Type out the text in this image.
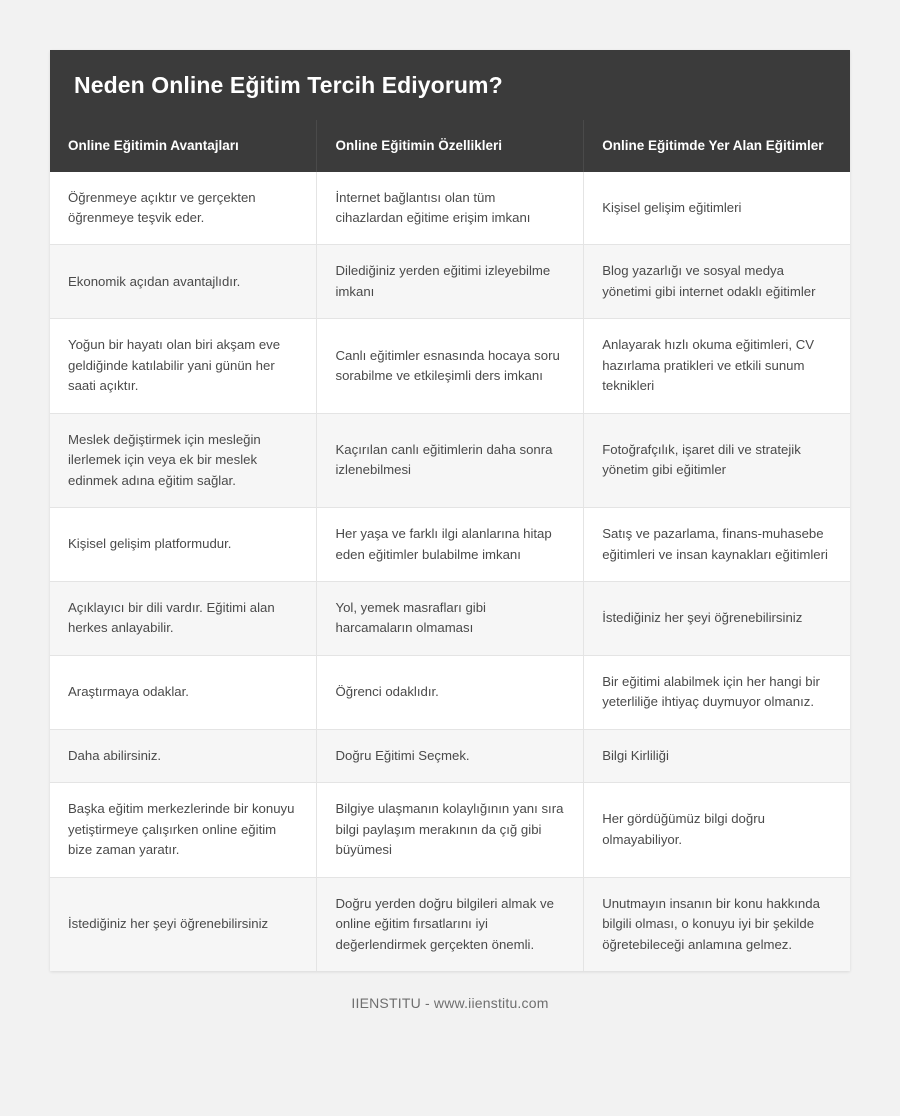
Neden Online Eğitim Tercih Ediyorum?
Online Eğitimin Avantajları	Online Eğitimin Özellikleri	Online Eğitimde Yer Alan Eğitimler
Öğrenmeye açıktır ve gerçekten öğrenmeye teşvik eder.	İnternet bağlantısı olan tüm cihazlardan eğitime erişim imkanı	Kişisel gelişim eğitimleri
Ekonomik açıdan avantajlıdır.	Dilediğiniz yerden eğitimi izleyebilme imkanı	Blog yazarlığı ve sosyal medya yönetimi gibi internet odaklı eğitimler
Yoğun bir hayatı olan biri akşam eve geldiğinde katılabilir yani günün her saati açıktır.	Canlı eğitimler esnasında hocaya soru sorabilme ve etkileşimli ders imkanı	Anlayarak hızlı okuma eğitimleri, CV hazırlama pratikleri ve etkili sunum teknikleri
Meslek değiştirmek için mesleğin ilerlemek için veya ek bir meslek edinmek adına eğitim sağlar.	Kaçırılan canlı eğitimlerin daha sonra izlenebilmesi	Fotoğrafçılık, işaret dili ve stratejik yönetim gibi eğitimler
Kişisel gelişim platformudur.	Her yaşa ve farklı ilgi alanlarına hitap eden eğitimler bulabilme imkanı	Satış ve pazarlama, finans-muhasebe eğitimleri ve insan kaynakları eğitimleri
Açıklayıcı bir dili vardır. Eğitimi alan herkes anlayabilir.	Yol, yemek masrafları gibi harcamaların olmaması	İstediğiniz her şeyi öğrenebilirsiniz
Araştırmaya odaklar.	Öğrenci odaklıdır.	Bir eğitimi alabilmek için her hangi bir yeterliliğe ihtiyaç duymuyor olmanız.
Daha abilirsiniz.	Doğru Eğitimi Seçmek.	Bilgi Kirliliği
Başka eğitim merkezlerinde bir konuyu yetiştirmeye çalışırken online eğitim bize zaman yaratır.	Bilgiye ulaşmanın kolaylığının yanı sıra bilgi paylaşım merakının da çığ gibi büyümesi	Her gördüğümüz bilgi doğru olmayabiliyor.
İstediğiniz her şeyi öğrenebilirsiniz	Doğru yerden doğru bilgileri almak ve online eğitim fırsatlarını iyi değerlendirmek gerçekten önemli.	Unutmayın insanın bir konu hakkında bilgili olması, o konuyu iyi bir şekilde öğretebileceği anlamına gelmez.
IIENSTITU - www.iienstitu.com
